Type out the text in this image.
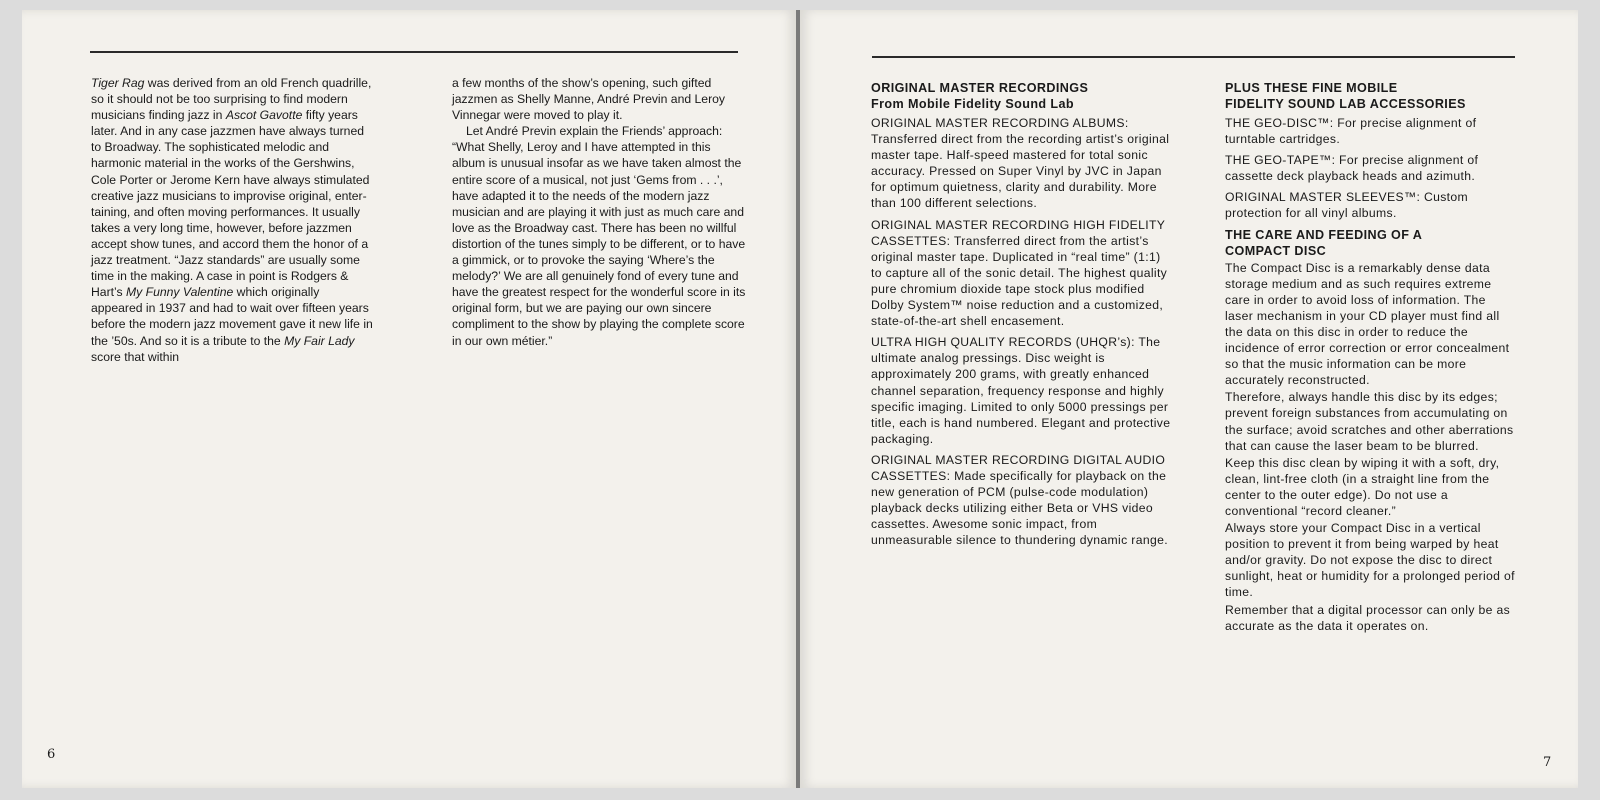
Tiger Rag was derived from an old French quadrille, so it should not be too surprising to find modern musicians finding jazz in Ascot Gavotte fifty years later. And in any case jazzmen have always turned to Broadway. The sophisticated melodic and harmonic material in the works of the Gershwins, Cole Porter or Jerome Kern have always stimulated creative jazz musicians to improvise original, enter-taining, and often moving performances. It usually takes a very long time, however, before jazzmen accept show tunes, and accord them the honor of a jazz treatment. “Jazz standards” are usually some time in the making. A case in point is Rodgers & Hart’s My Funny Valentine which originally appeared in 1937 and had to wait over fifteen years before the modern jazz movement gave it new life in the ’50s. And so it is a tribute to the My Fair Lady score that within

a few months of the show’s opening, such gifted jazzmen as Shelly Manne, André Previn and Leroy Vinnegar were moved to play it.

Let André Previn explain the Friends’ approach: “What Shelly, Leroy and I have attempted in this album is unusual insofar as we have taken almost the entire score of a musical, not just ‘Gems from . . .’, have adapted it to the needs of the modern jazz musician and are playing it with just as much care and love as the Broadway cast. There has been no willful distortion of the tunes simply to be different, or to have a gimmick, or to provoke the saying ‘Where’s the melody?’ We are all genuinely fond of every tune and have the greatest respect for the wonderful score in its original form, but we are paying our own sincere compliment to the show by playing the complete score in our own métier.”

6
ORIGINAL MASTER RECORDINGS
From Mobile Fidelity Sound Lab

ORIGINAL MASTER RECORDING ALBUMS: Transferred direct from the recording artist’s original master tape. Half-speed mastered for total sonic accuracy. Pressed on Super Vinyl by JVC in Japan for optimum quietness, clarity and durability. More than 100 different selections.

ORIGINAL MASTER RECORDING HIGH FIDELITY CASSETTES: Transferred direct from the artist’s original master tape. Duplicated in “real time” (1:1) to capture all of the sonic detail. The highest quality pure chromium dioxide tape stock plus modified Dolby System™ noise reduction and a customized, state-of-the-art shell encasement.

ULTRA HIGH QUALITY RECORDS (UHQR’s): The ultimate analog pressings. Disc weight is approximately 200 grams, with greatly enhanced channel separation, frequency response and highly specific imaging. Limited to only 5000 pressings per title, each is hand numbered. Elegant and protective packaging.

ORIGINAL MASTER RECORDING DIGITAL AUDIO CASSETTES: Made specifically for playback on the new generation of PCM (pulse-code modulation) playback decks utilizing either Beta or VHS video cassettes. Awesome sonic impact, from unmeasurable silence to thundering dynamic range.

PLUS THESE FINE MOBILE
FIDELITY SOUND LAB ACCESSORIES

THE GEO-DISC™: For precise alignment of turntable cartridges.

THE GEO-TAPE™: For precise alignment of cassette deck playback heads and azimuth.

ORIGINAL MASTER SLEEVES™: Custom protection for all vinyl albums.

THE CARE AND FEEDING OF A
COMPACT DISC

The Compact Disc is a remarkably dense data storage medium and as such requires extreme care in order to avoid loss of information. The laser mechanism in your CD player must find all the data on this disc in order to reduce the incidence of error correction or error concealment so that the music information can be more accurately reconstructed.

Therefore, always handle this disc by its edges; prevent foreign substances from accumulating on the surface; avoid scratches and other aberrations that can cause the laser beam to be blurred.

Keep this disc clean by wiping it with a soft, dry, clean, lint-free cloth (in a straight line from the center to the outer edge). Do not use a conventional “record cleaner.”

Always store your Compact Disc in a vertical position to prevent it from being warped by heat and/or gravity. Do not expose the disc to direct sunlight, heat or humidity for a prolonged period of time.

Remember that a digital processor can only be as accurate as the data it operates on.

7
